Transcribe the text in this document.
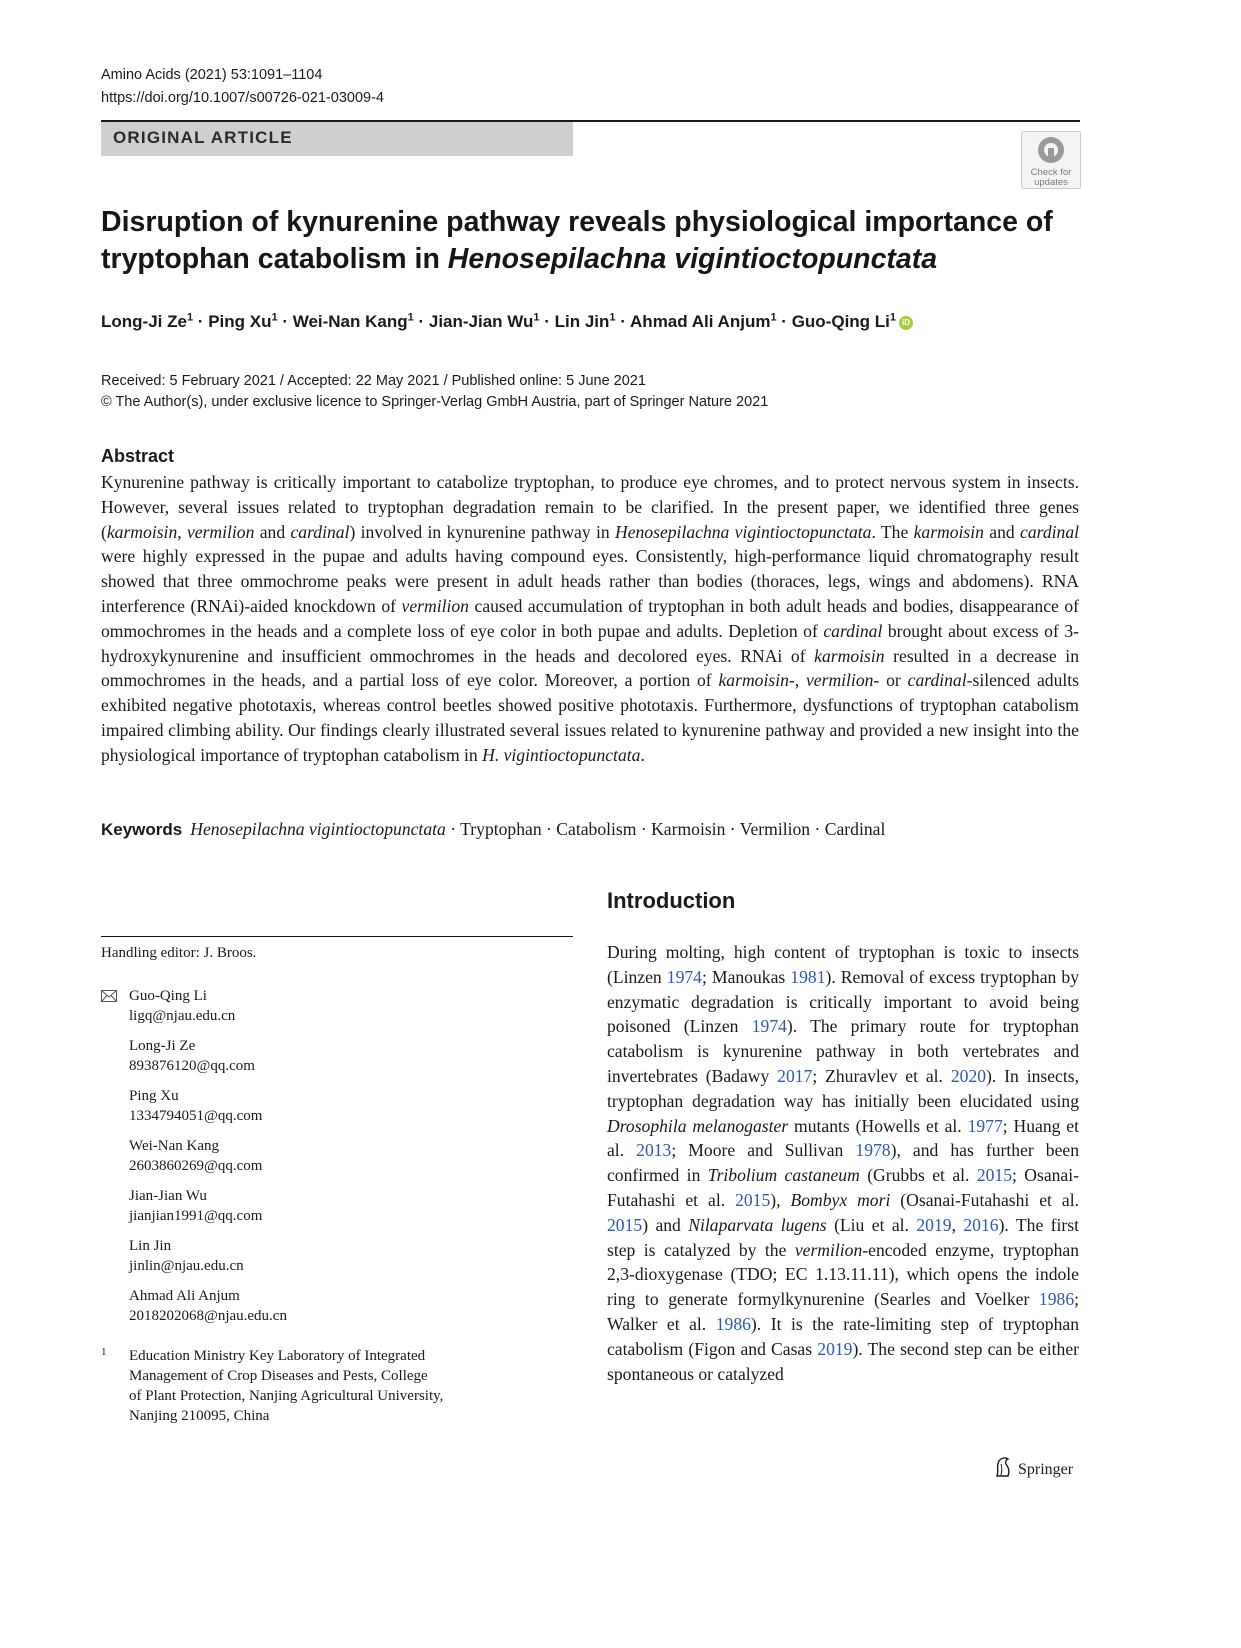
Amino Acids (2021) 53:1091–1104
https://doi.org/10.1007/s00726-021-03009-4
ORIGINAL ARTICLE
Check for
updates
Disruption of kynurenine pathway reveals physiological importance of tryptophan catabolism in Henosepilachna vigintioctopunctata
Long-Ji $Ze^1$ · Ping $Xu^1 \cdot Wei-Nan$ Kang$^1$ · Jian-Jian $Wu^1$ · Lin Jin$^1$ · Ahmad Ali Anjum$^1$ · Guo-Qing Li$^1$ iD
Received: 5 February 2021 / Accepted: 22 May 2021 / Published online: 5 June 2021
© The Author(s), under exclusive licence to Springer-Verlag GmbH Austria, part of Springer Nature 2021
Abstract

Kynurenine pathway is critically important to catabolize tryptophan, to produce eye chromes, and to protect nervous system in insects. However, several issues related to tryptophan degradation remain to be clarified. In the present paper, we identified three genes (karmoisin, vermilion and cardinal) involved in kynurenine pathway in Henosepilachna vigintioctopunctata. The karmoisin and cardinal were highly expressed in the pupae and adults having compound eyes. Consistently, high-performance liquid chromatography result showed that three ommochrome peaks were present in adult heads rather than bodies (thoraces, legs, wings and abdomens). RNA interference (RNAi)-aided knockdown of vermilion caused accumulation of tryptophan in both adult heads and bodies, disappearance of ommochromes in the heads and a complete loss of eye color in both pupae and adults. Depletion of cardinal brought about excess of 3-hydroxykynurenine and insufficient ommochromes in the heads and decolored eyes. RNAi of karmoisin resulted in a decrease in ommochromes in the heads, and a partial loss of eye color. Moreover, a portion of karmoisin-, vermilion- or cardinal-silenced adults exhibited negative phototaxis, whereas control beetles showed positive phototaxis. Furthermore, dysfunctions of tryptophan catabolism impaired climbing ability. Our findings clearly illustrated several issues related to kynurenine pathway and provided a new insight into the physiological importance of tryptophan catabolism in H. vigintioctopunctata.

Keywords Henosepilachna vigintioctopunctata · Tryptophan · Catabolism · Karmoisin · Vermilion · Cardinal
Handling editor: J. Broos.
Guo-Qing Li
ligq@njau.edu.cn
Long-Ji Ze
893876120@qq.com
Ping Xu
1334794051@qq.com
Wei-Nan Kang
2603860269@qq.com
Jian-Jian Wu
jianjian1991@qq.com
Lin Jin
jinlin@njau.edu.cn
Ahmad Ali Anjum
2018202068@njau.edu.cn
1 Education Ministry Key Laboratory of Integrated
Management of Crop Diseases and Pests, College
of Plant Protection, Nanjing Agricultural University,
Nanjing 210095, China
Introduction

During molting, high content of tryptophan is toxic to insects (Linzen 1974; Manoukas 1981). Removal of excess tryptophan by enzymatic degradation is critically important to avoid being poisoned (Linzen 1974). The primary route for tryptophan catabolism is kynurenine pathway in both vertebrates and invertebrates (Badawy 2017; Zhuravlev et al. 2020). In insects, tryptophan degradation way has initially been elucidated using Drosophila melanogaster mutants (Howells et al. 1977; Huang et al. 2013; Moore and Sullivan 1978), and has further been confirmed in Tribolium castaneum (Grubbs et al. 2015; Osanai-Futahashi et al. 2015), Bombyx mori (Osanai-Futahashi et al. 2015) and Nilaparvata lugens (Liu et al. 2019, 2016). The first step is catalyzed by the vermilion-encoded enzyme, tryptophan 2,3-dioxygenase (TDO; EC 1.13.11.11), which opens the indole ring to generate formylkynurenine (Searles and Voelker 1986; Walker et al. 1986). It is the rate-limiting step of tryptophan catabolism (Figon and Casas 2019). The second step can be either spontaneous or catalyzed

Springer
